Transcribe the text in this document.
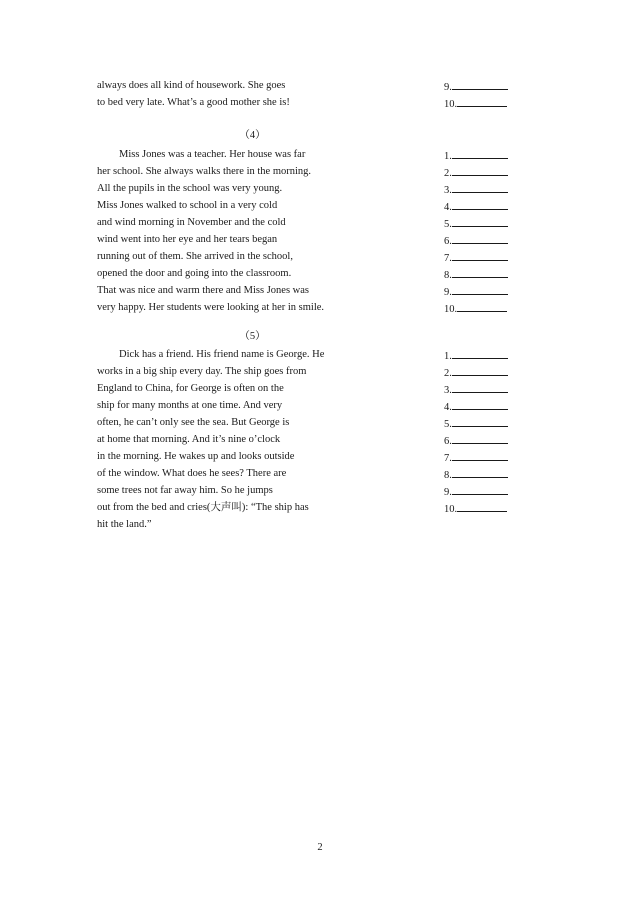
always does all kind of housework. She goes
to bed very late. What’s a good mother she is!
9.
10.
（4）
Miss Jones was a teacher. Her house was far
her school. She always walks there in the morning.
All the pupils in the school was very young.
Miss Jones walked to school in a very cold
and wind morning in November and the cold
wind went into her eye and her tears began
running out of them. She arrived in the school,
opened the door and going into the classroom.
That was nice and warm there and Miss Jones was
very happy. Her students were looking at her in smile.
1.
2.
3.
4.
5.
6.
7.
8.
9.
10.
（5）
Dick has a friend. His friend name is George. He
works in a big ship every day. The ship goes from
England to China, for George is often on the
ship for many months at one time. And very
often, he can’t only see the sea. But George is
at home that morning. And it’s nine o’clock
in the morning. He wakes up and looks outside
of the window. What does he sees? There are
some trees not far away him. So he jumps
out from the bed and cries(大声叫): “The ship has
hit the land.”
1.
2.
3.
4.
5.
6.
7.
8.
9.
10.
2
